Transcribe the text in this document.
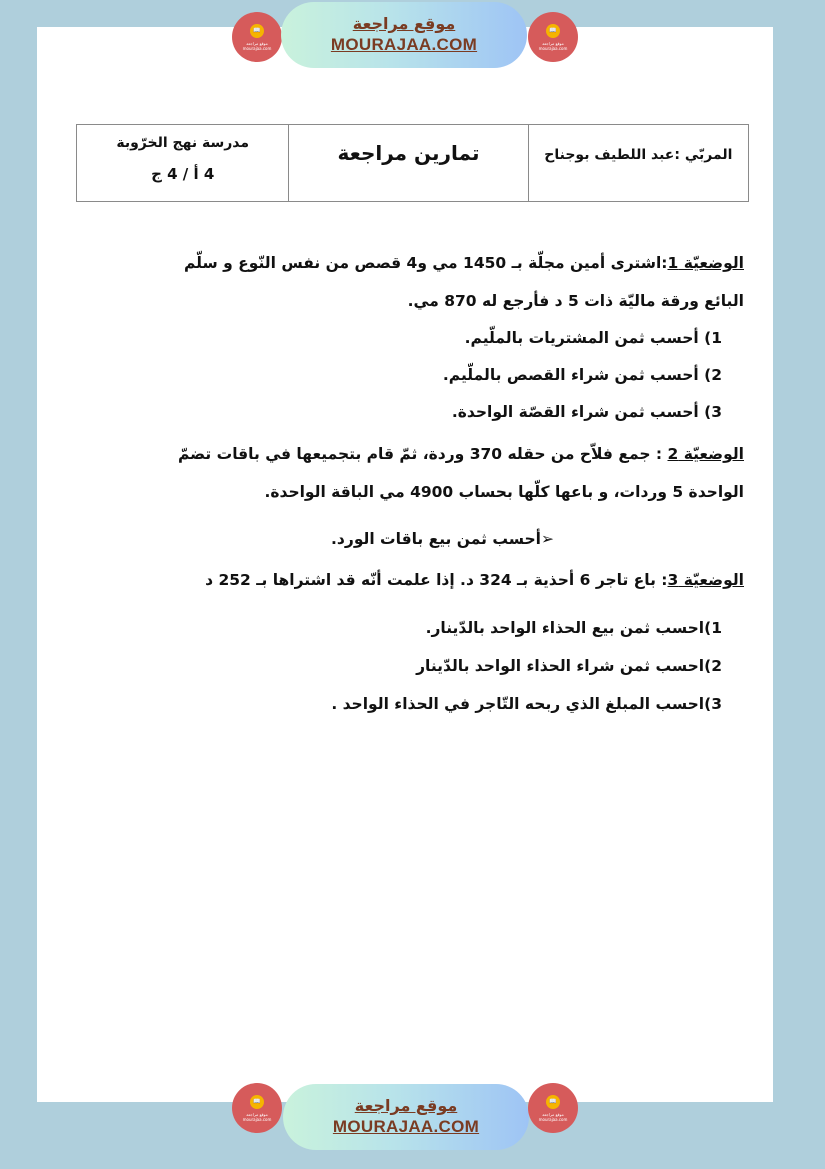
📖
موقع مراجعة
mourajaa.com
موقع مراجعة
MOURAJAA.COM
📖
موقع مراجعة
mourajaa.com
المربّي :عبد اللطيف بوجناح
تمارين مراجعة
مدرسة نهج الخرّوبة
4 أ / 4 ج

الوضعيّة 1:اشترى أمين مجلّة بـ 1450 مي و4 قصص من نفس النّوع و سلّم
البائع ورقة ماليّة ذات 5 د فأرجع له 870 مي.

1) أحسب ثمن المشتريات بالملّيم.
2) أحسب ثمن شراء القصص بالملّيم.
3) أحسب ثمن شراء القصّة الواحدة.

الوضعيّة 2 : جمع فلاّح من حقله 370 وردة، ثمّ قام بتجميعها في باقات تضمّ
الواحدة 5 وردات، و باعها كلّها بحساب 4900 مي الباقة الواحدة.

➢أحسب ثمن بيع باقات الورد.

الوضعيّة 3: باع تاجر 6 أحذية بـ 324 د. إذا علمت أنّه قد اشتراها بـ 252 د

1)احسب ثمن بيع الحذاء الواحد بالدّينار.
2)احسب ثمن شراء الحذاء الواحد بالدّينار
3)احسب المبلغ الذي ربحه التّاجر في الحذاء الواحد .
📖
موقع مراجعة
mourajaa.com
موقع مراجعة
MOURAJAA.COM
📖
موقع مراجعة
mourajaa.com
